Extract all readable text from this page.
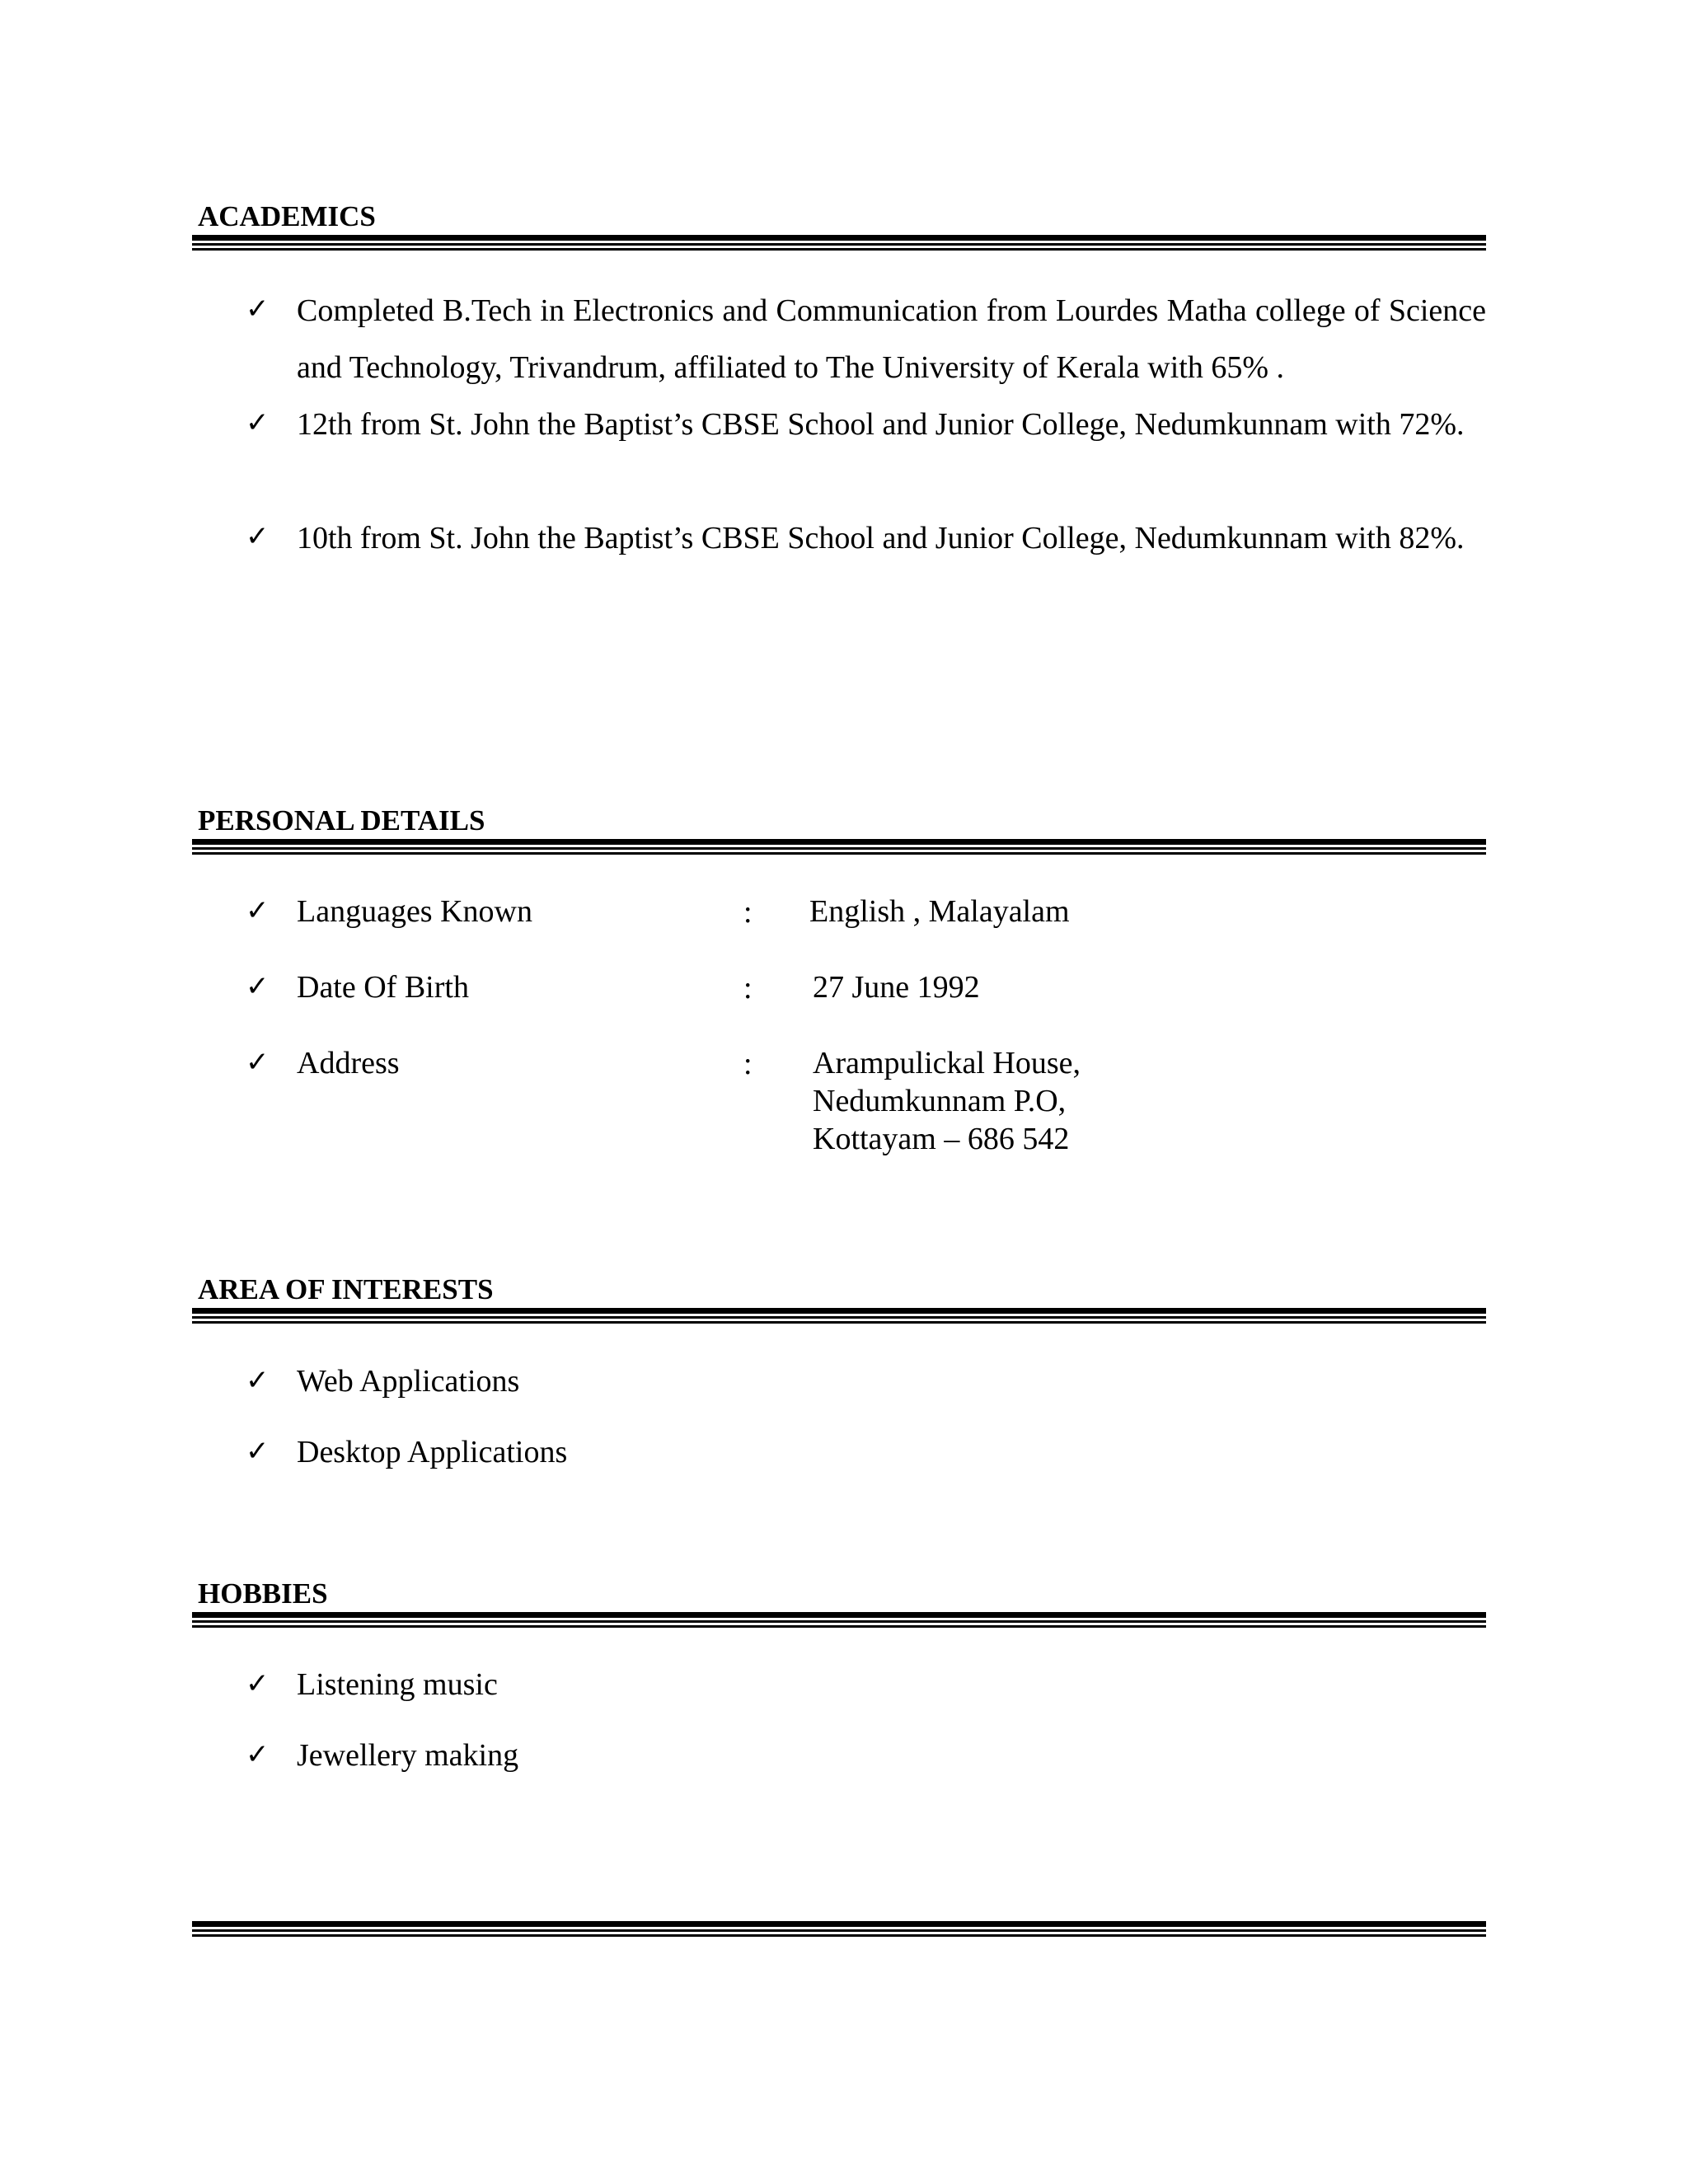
ACADEMICS
✓ Completed B.Tech in Electronics and Communication from Lourdes Matha college of Science and Technology, Trivandrum, affiliated to The University of Kerala with 65% .
✓ 12th from St. John the Baptist’s CBSE School and Junior College, Nedumkunnam with 72%.
✓ 10th from St. John the Baptist’s CBSE School and Junior College, Nedumkunnam with 82%.
PERSONAL DETAILS
✓ Languages Known	: English , Malayalam
✓ Date Of Birth	: 27 June 1992
✓ Address	: Arampulickal House,
Nedumkunnam P.O,
Kottayam – 686 542
AREA OF INTERESTS
✓ Web Applications
✓ Desktop Applications
HOBBIES
✓ Listening music
✓ Jewellery making
